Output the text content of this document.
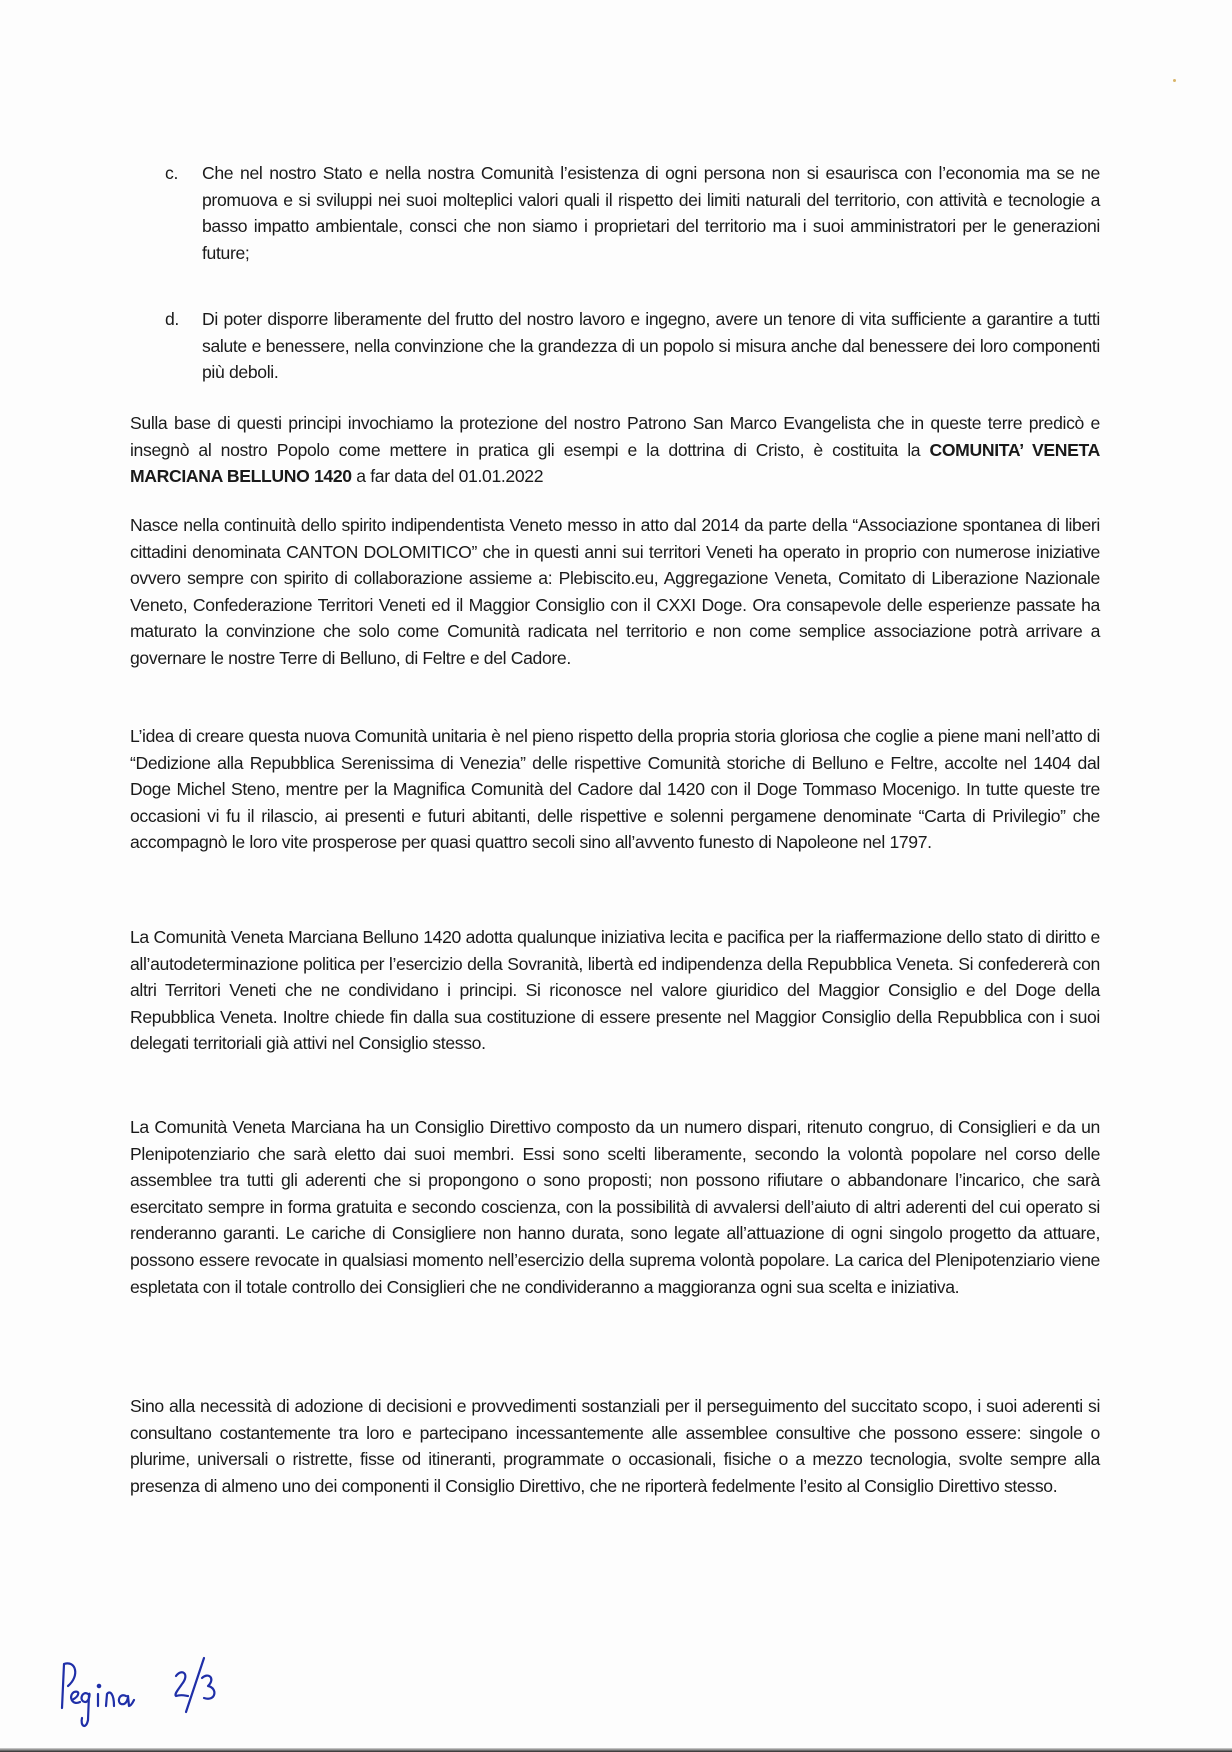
c.	Che nel nostro Stato e nella nostra Comunità l’esistenza di ogni persona non si esaurisca con l’economia ma se ne promuova e si sviluppi nei suoi molteplici valori quali il rispetto dei limiti naturali del territorio, con attività e tecnologie a basso impatto ambientale, consci che non siamo i proprietari del territorio ma i suoi amministratori per le generazioni future;
d.	Di poter disporre liberamente del frutto del nostro lavoro e ingegno, avere un tenore di vita sufficiente a garantire a tutti salute e benessere, nella convinzione che la grandezza di un popolo si misura anche dal benessere dei loro componenti più deboli.
Sulla base di questi principi invochiamo la protezione del nostro Patrono San Marco Evangelista che in queste terre predicò e insegnò al nostro Popolo come mettere in pratica gli esempi e la dottrina di Cristo, è costituita la COMUNITA’ VENETA MARCIANA BELLUNO 1420 a far data del 01.01.2022
Nasce nella continuità dello spirito indipendentista Veneto messo in atto dal 2014 da parte della “Associazione spontanea di liberi cittadini denominata CANTON DOLOMITICO” che in questi anni sui territori Veneti ha operato in proprio con numerose iniziative ovvero sempre con spirito di collaborazione assieme a: Plebiscito.eu, Aggregazione Veneta, Comitato di Liberazione Nazionale Veneto, Confederazione Territori Veneti ed il Maggior Consiglio con il CXXI Doge. Ora consapevole delle esperienze passate ha maturato la convinzione che solo come Comunità radicata nel territorio e non come semplice associazione potrà arrivare a governare le nostre Terre di Belluno, di Feltre e del Cadore.
L’idea di creare questa nuova Comunità unitaria è nel pieno rispetto della propria storia gloriosa che coglie a piene mani nell’atto di “Dedizione alla Repubblica Serenissima di Venezia” delle rispettive Comunità storiche di Belluno e Feltre, accolte nel 1404 dal Doge Michel Steno, mentre per la Magnifica Comunità del Cadore dal 1420 con il Doge Tommaso Mocenigo. In tutte queste tre occasioni vi fu il rilascio, ai presenti e futuri abitanti, delle rispettive e solenni pergamene denominate “Carta di Privilegio” che accompagnò le loro vite prosperose per quasi quattro secoli sino all’avvento funesto di Napoleone nel 1797.
La Comunità Veneta Marciana Belluno 1420 adotta qualunque iniziativa lecita e pacifica per la riaffermazione dello stato di diritto e all’autodeterminazione politica per l’esercizio della Sovranità, libertà ed indipendenza della Repubblica Veneta. Si confedererà con altri Territori Veneti che ne condividano i principi. Si riconosce nel valore giuridico del Maggior Consiglio e del Doge della Repubblica Veneta. Inoltre chiede fin dalla sua costituzione di essere presente nel Maggior Consiglio della Repubblica con i suoi delegati territoriali già attivi nel Consiglio stesso.
La Comunità Veneta Marciana ha un Consiglio Direttivo composto da un numero dispari, ritenuto congruo, di Consiglieri e da un Plenipotenziario che sarà eletto dai suoi membri. Essi sono scelti liberamente, secondo la volontà popolare nel corso delle assemblee tra tutti gli aderenti che si propongono o sono proposti; non possono rifiutare o abbandonare l’incarico, che sarà esercitato sempre in forma gratuita e secondo coscienza, con la possibilità di avvalersi dell’aiuto di altri aderenti del cui operato si renderanno garanti. Le cariche di Consigliere non hanno durata, sono legate all’attuazione di ogni singolo progetto da attuare, possono essere revocate in qualsiasi momento nell’esercizio della suprema volontà popolare. La carica del Plenipotenziario viene espletata con il totale controllo dei Consiglieri che ne condivideranno a maggioranza ogni sua scelta e iniziativa.
Sino alla necessità di adozione di decisioni e provvedimenti sostanziali per il perseguimento del succitato scopo, i suoi aderenti si consultano costantemente tra loro e partecipano incessantemente alle assemblee consultive che possono essere: singole o plurime, universali o ristrette, fisse od itineranti, programmate o occasionali, fisiche o a mezzo tecnologia, svolte sempre alla presenza di almeno uno dei componenti il Consiglio Direttivo, che ne riporterà fedelmente l’esito al Consiglio Direttivo stesso.
